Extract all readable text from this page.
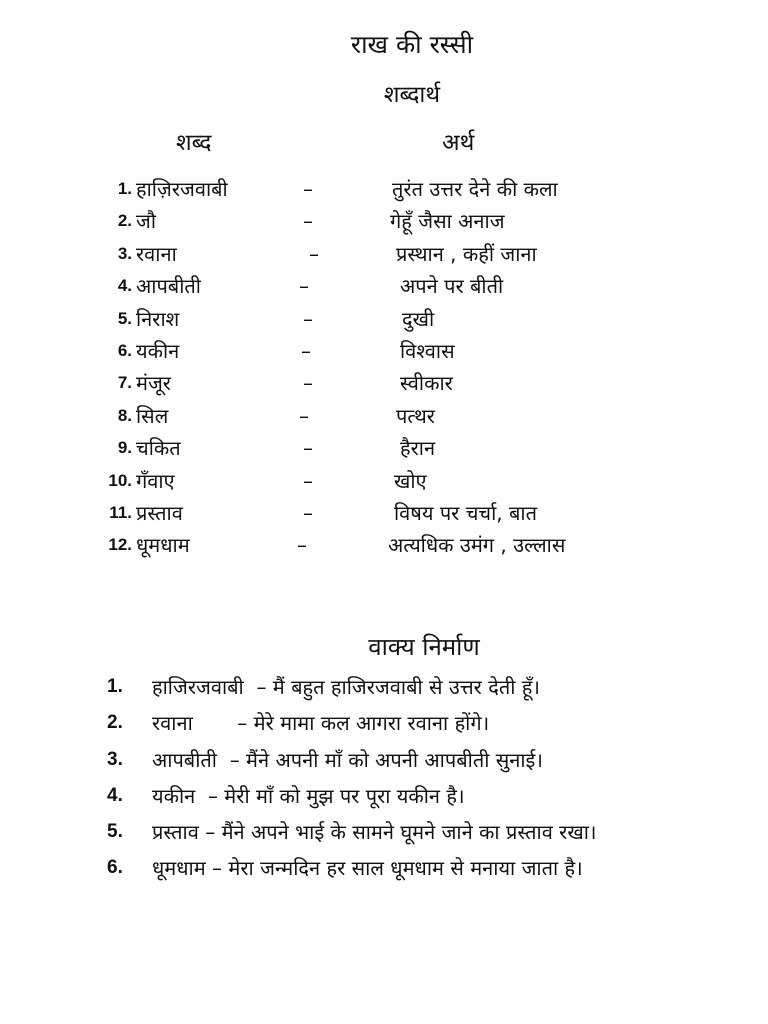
राख की रस्सी
शब्दार्थ
शब्द	अर्थ
1. हाज़िरजवाबी	–	तुरंत उत्तर देने की कला
2. जौ	–	गेहूँ जैसा अनाज
3. रवाना	–	प्रस्थान , कहीं जाना
4. आपबीती	–	अपने पर बीती
5. निराश	–	दुखी
6. यकीन	–	विश्वास
7. मंजूर	–	स्वीकार
8. सिल	–	पत्थर
9. चकित	–	हैरान
10. गँवाए	–	खोए
11. प्रस्ताव	–	विषय पर चर्चा, बात
12. धूमधाम	–	अत्यधिक उमंग , उल्लास
वाक्य निर्माण
1. हाजिरजवाबी  – मैं बहुत हाजिरजवाबी से उत्तर देती हूँ।
2. रवाना       – मेरे मामा कल आगरा रवाना होंगे।
3. आपबीती  – मैंने अपनी माँ को अपनी आपबीती सुनाई।
4. यकीन  – मेरी माँ को मुझ पर पूरा यकीन है।
5. प्रस्ताव – मैंने अपने भाई के सामने घूमने जाने का प्रस्ताव रखा।
6. धूमधाम – मेरा जन्मदिन हर साल धूमधाम से मनाया जाता है।
